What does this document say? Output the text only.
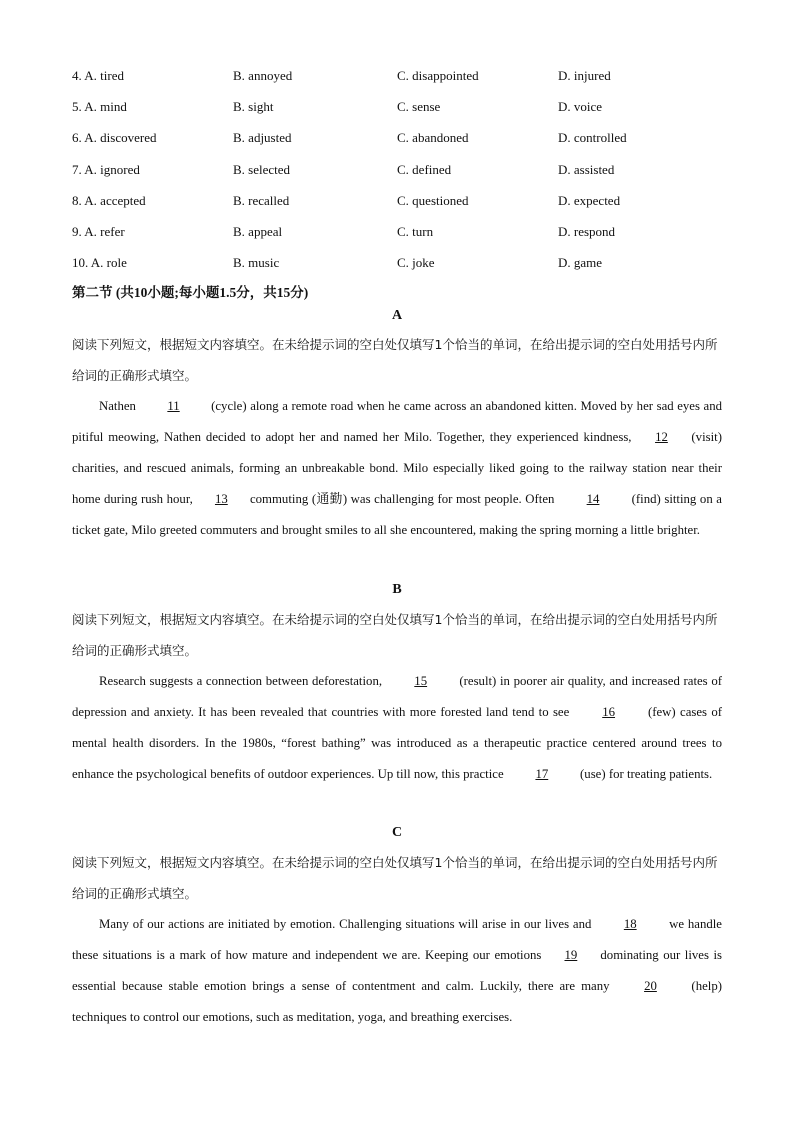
4. A. tired	B. annoyed	C. disappointed	D. injured
5. A. mind	B. sight	C. sense	D. voice
6. A. discovered	B. adjusted	C. abandoned	D. controlled
7. A. ignored	B. selected	C. defined	D. assisted
8. A. accepted	B. recalled	C. questioned	D. expected
9. A. refer	B. appeal	C. turn	D. respond
10. A. role	B. music	C. joke	D. game
第二节 (共10小题;每小题1.5分，共15分)
A
阅读下列短文，根据短文内容填空。在未给提示词的空白处仅填写1个恰当的单词，在给出提示词的空白处用括号内所给词的正确形式填空。
Nathen 11 (cycle) along a remote road when he came across an abandoned kitten. Moved by her sad eyes and pitiful meowing, Nathen decided to adopt her and named her Milo. Together, they experienced kindness, 12 (visit) charities, and rescued animals, forming an unbreakable bond. Milo especially liked going to the railway station near their home during rush hour, 13 commuting (通勤) was challenging for most people. Often 14 (find) sitting on a ticket gate, Milo greeted commuters and brought smiles to all she encountered, making the spring morning a little brighter.
B
阅读下列短文，根据短文内容填空。在未给提示词的空白处仅填写1个恰当的单词，在给出提示词的空白处用括号内所给词的正确形式填空。
Research suggests a connection between deforestation, 15 (result) in poorer air quality, and increased rates of depression and anxiety. It has been revealed that countries with more forested land tend to see 16 (few) cases of mental health disorders. In the 1980s, “forest bathing” was introduced as a therapeutic practice centered around trees to enhance the psychological benefits of outdoor experiences. Up till now, this practice 17 (use) for treating patients.
C
阅读下列短文，根据短文内容填空。在未给提示词的空白处仅填写1个恰当的单词，在给出提示词的空白处用括号内所给词的正确形式填空。
Many of our actions are initiated by emotion. Challenging situations will arise in our lives and 18 we handle these situations is a mark of how mature and independent we are. Keeping our emotions 19 dominating our lives is essential because stable emotion brings a sense of contentment and calm. Luckily, there are many 20 (help) techniques to control our emotions, such as meditation, yoga, and breathing exercises.
